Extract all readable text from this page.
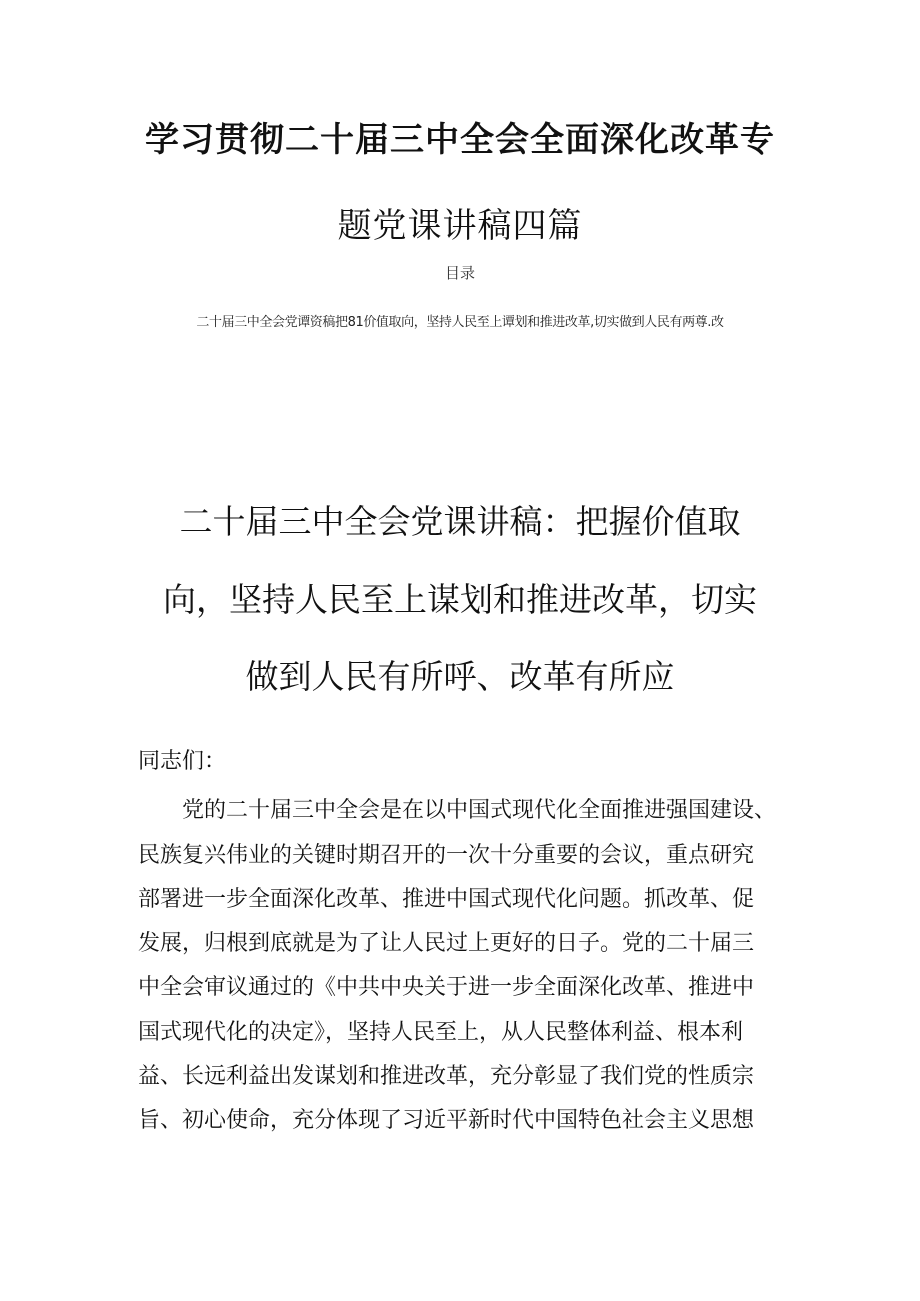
学习贯彻二十届三中全会全面深化改革专
题党课讲稿四篇
目录
二十届三中全会党谭资稿把81价值取向，坚持人民至上谭划和推进改革,切实做到人民有两尊.改
二十届三中全会党课讲稿：把握价值取
向，坚持人民至上谋划和推进改革，切实
做到人民有所呼、改革有所应
同志们：
党的二十届三中全会是在以中国式现代化全面推进强国建设、
民族复兴伟业的关键时期召开的一次十分重要的会议，重点研究
部署进一步全面深化改革、推进中国式现代化问题。抓改革、促
发展，归根到底就是为了让人民过上更好的日子。党的二十届三
中全会审议通过的《中共中央关于进一步全面深化改革、推进中
国式现代化的决定》，坚持人民至上，从人民整体利益、根本利
益、长远利益出发谋划和推进改革，充分彰显了我们党的性质宗
旨、初心使命，充分体现了习近平新时代中国特色社会主义思想
